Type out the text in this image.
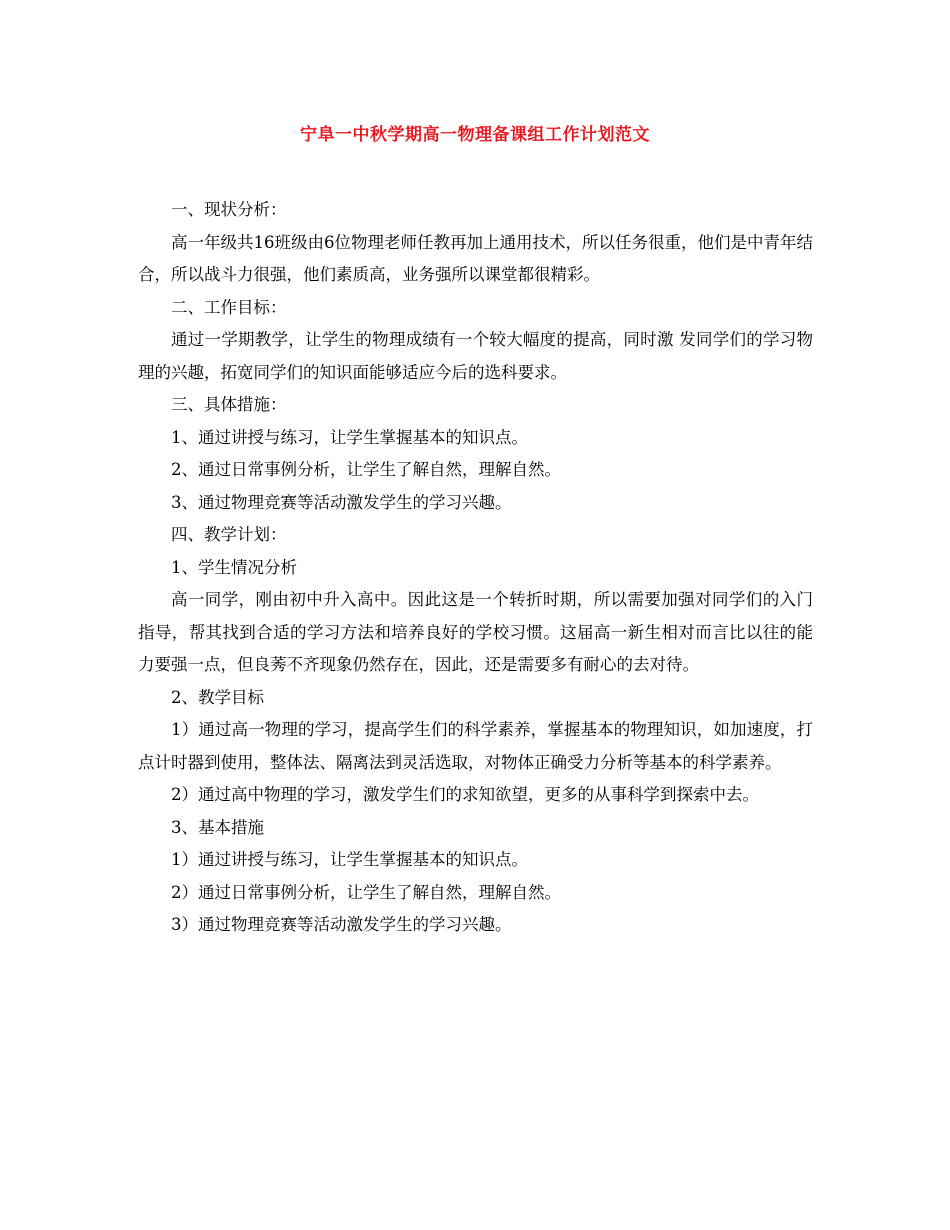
宁阜一中秋学期高一物理备课组工作计划范文

一、现状分析：

高一年级共16班级由6位物理老师任教再加上通用技术，所以任务很重，他们是中青年结合，所以战斗力很强，他们素质高，业务强所以课堂都很精彩。

二、工作目标：

通过一学期教学，让学生的物理成绩有一个较大幅度的提高，同时激 发同学们的学习物理的兴趣，拓宽同学们的知识面能够适应今后的选科要求。

三、具体措施：

1、通过讲授与练习，让学生掌握基本的知识点。

2、通过日常事例分析，让学生了解自然，理解自然。

3、通过物理竞赛等活动激发学生的学习兴趣。

四、教学计划：

1、学生情况分析

高一同学，刚由初中升入高中。因此这是一个转折时期，所以需要加强对同学们的入门指导，帮其找到合适的学习方法和培养良好的学校习惯。这届高一新生相对而言比以往的能力要强一点，但良莠不齐现象仍然存在，因此，还是需要多有耐心的去对待。

2、教学目标

1）通过高一物理的学习，提高学生们的科学素养，掌握基本的物理知识，如加速度，打点计时器到使用，整体法、隔离法到灵活选取，对物体正确受力分析等基本的科学素养。

2）通过高中物理的学习，激发学生们的求知欲望，更多的从事科学到探索中去。

3、基本措施

1）通过讲授与练习，让学生掌握基本的知识点。

2）通过日常事例分析，让学生了解自然，理解自然。

3）通过物理竞赛等活动激发学生的学习兴趣。
